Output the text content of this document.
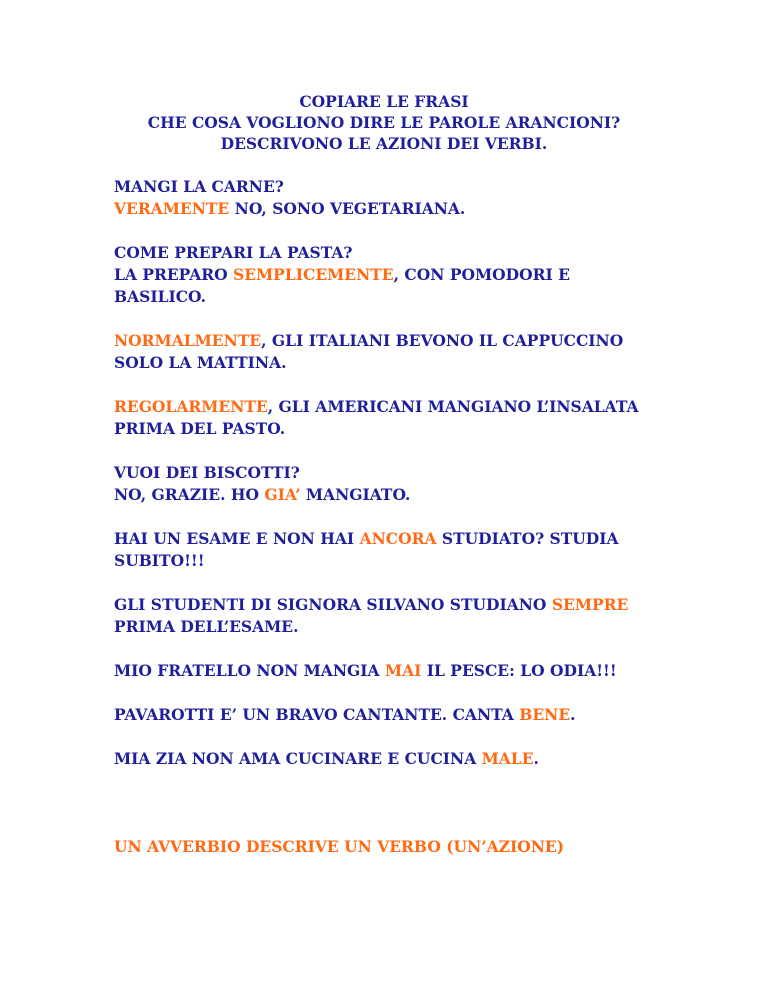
COPIARE LE FRASI
CHE COSA VOGLIONO DIRE LE PAROLE ARANCIONI?
DESCRIVONO LE AZIONI DEI VERBI.
MANGI LA CARNE?
VERAMENTE NO, SONO VEGETARIANA.
COME PREPARI LA PASTA?
LA PREPARO SEMPLICEMENTE, CON POMODORI E
BASILICO.
NORMALMENTE, GLI ITALIANI BEVONO IL CAPPUCCINO
SOLO LA MATTINA.
REGOLARMENTE, GLI AMERICANI MANGIANO L’INSALATA
PRIMA DEL PASTO.
VUOI DEI BISCOTTI?
NO, GRAZIE. HO GIA’ MANGIATO.
HAI UN ESAME E NON HAI ANCORA STUDIATO? STUDIA
SUBITO!!!
GLI STUDENTI DI SIGNORA SILVANO STUDIANO SEMPRE
PRIMA DELL’ESAME.
MIO FRATELLO NON MANGIA MAI IL PESCE: LO ODIA!!!
PAVAROTTI E’ UN BRAVO CANTANTE. CANTA BENE.
MIA ZIA NON AMA CUCINARE E CUCINA MALE.
UN AVVERBIO DESCRIVE UN VERBO (UN’AZIONE)
